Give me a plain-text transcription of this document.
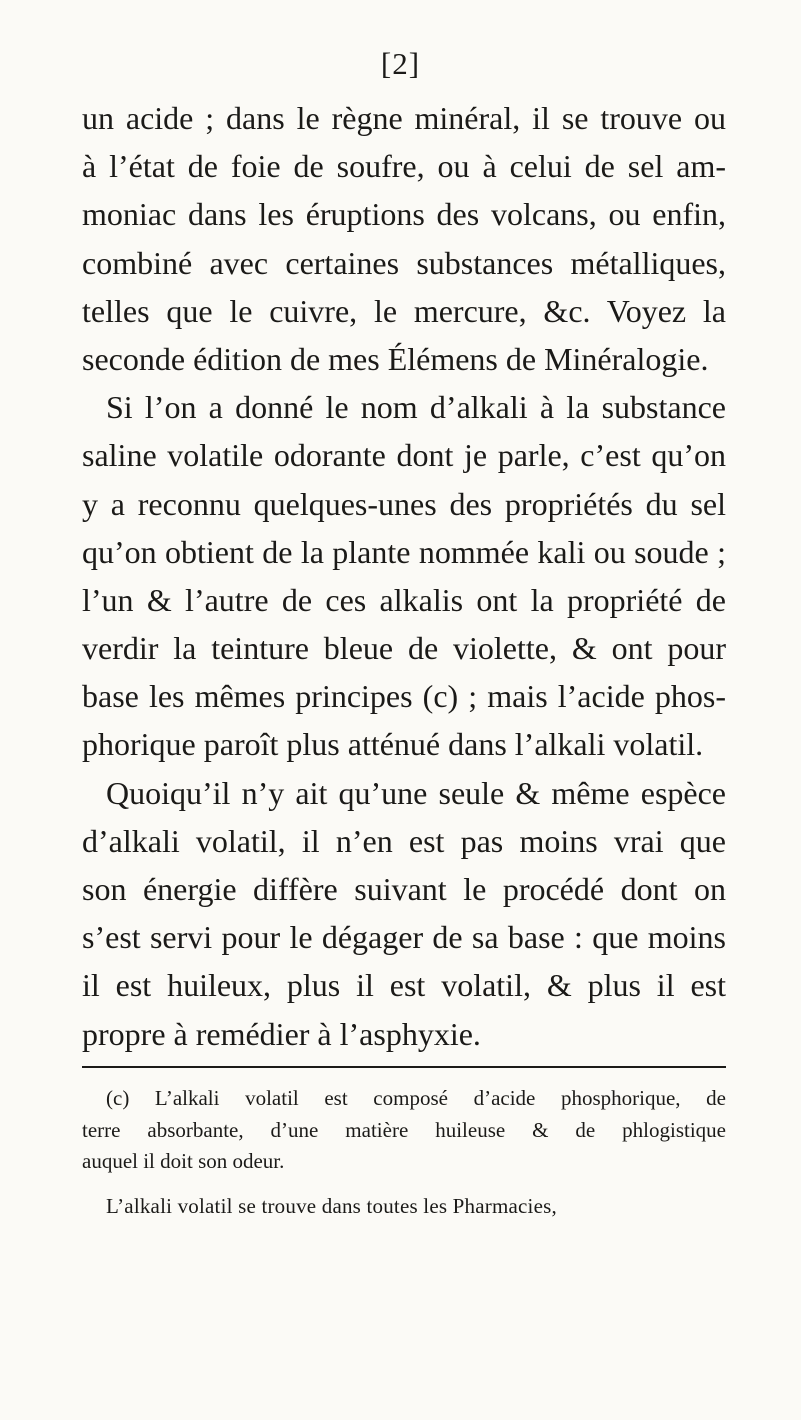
[2]
un acide ; dans le règne minéral, il se trouve ou
à l’état de foie de soufre, ou à celui de sel am-
moniac dans les éruptions des volcans, ou enfin,
combiné avec certaines substances métalliques,
telles que le cuivre, le mercure, &c. Voyez la
seconde édition de mes Élémens de Minéralogie.
Si l’on a donné le nom d’alkali à la substance
saline volatile odorante dont je parle, c’est qu’on
y a reconnu quelques-unes des propriétés du sel
qu’on obtient de la plante nommée kali ou soude ;
l’un & l’autre de ces alkalis ont la propriété de
verdir la teinture bleue de violette, & ont pour
base les mêmes principes (c) ; mais l’acide phos-
phorique paroît plus atténué dans l’alkali volatil.
Quoiqu’il n’y ait qu’une seule & même espèce
d’alkali volatil, il n’en est pas moins vrai que
son énergie diffère suivant le procédé dont on
s’est servi pour le dégager de sa base : que moins
il est huileux, plus il est volatil, & plus il est
propre à remédier à l’asphyxie.
(c) L’alkali volatil est composé d’acide phosphorique, de
terre absorbante, d’une matière huileuse & de phlogistique
auquel il doit son odeur.
L’alkali volatil se trouve dans toutes les Pharmacies,
